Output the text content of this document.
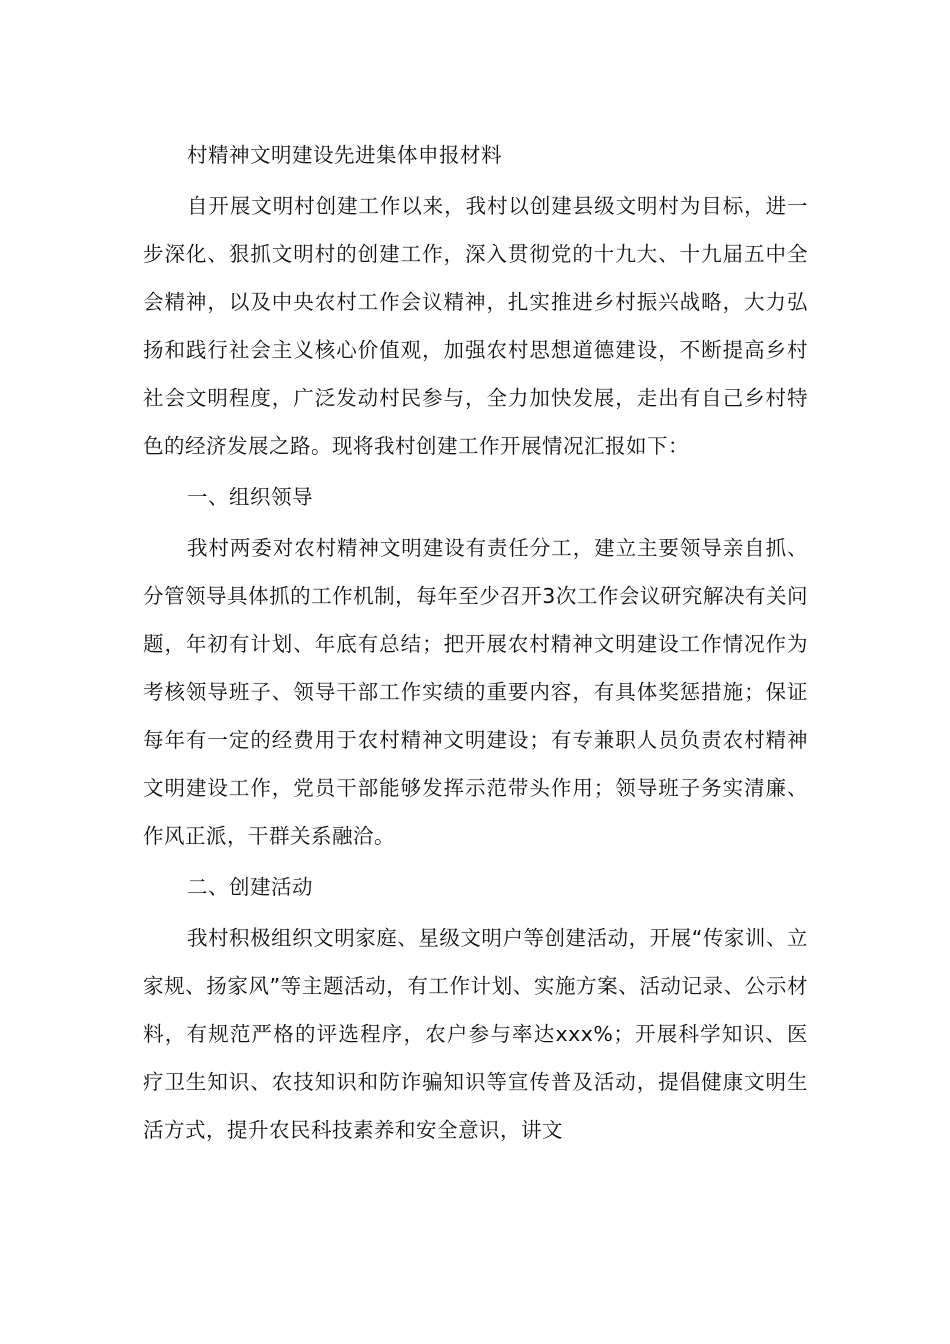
村精神文明建设先进集体申报材料

自开展文明村创建工作以来，我村以创建县级文明村为目标，进一步深化、狠抓文明村的创建工作，深入贯彻党的十九大、十九届五中全会精神，以及中央农村工作会议精神，扎实推进乡村振兴战略，大力弘扬和践行社会主义核心价值观，加强农村思想道德建设，不断提高乡村社会文明程度，广泛发动村民参与，全力加快发展，走出有自己乡村特色的经济发展之路。现将我村创建工作开展情况汇报如下：

一、组织领导

我村两委对农村精神文明建设有责任分工，建立主要领导亲自抓、分管领导具体抓的工作机制，每年至少召开3次工作会议研究解决有关问题，年初有计划、年底有总结；把开展农村精神文明建设工作情况作为考核领导班子、领导干部工作实绩的重要内容，有具体奖惩措施；保证每年有一定的经费用于农村精神文明建设；有专兼职人员负责农村精神文明建设工作，党员干部能够发挥示范带头作用；领导班子务实清廉、作风正派，干群关系融洽。

二、创建活动

我村积极组织文明家庭、星级文明户等创建活动，开展“传家训、立家规、扬家风”等主题活动，有工作计划、实施方案、活动记录、公示材料，有规范严格的评选程序，农户参与率达xxx%；开展科学知识、医疗卫生知识、农技知识和防诈骗知识等宣传普及活动，提倡健康文明生活方式，提升农民科技素养和安全意识，讲文
